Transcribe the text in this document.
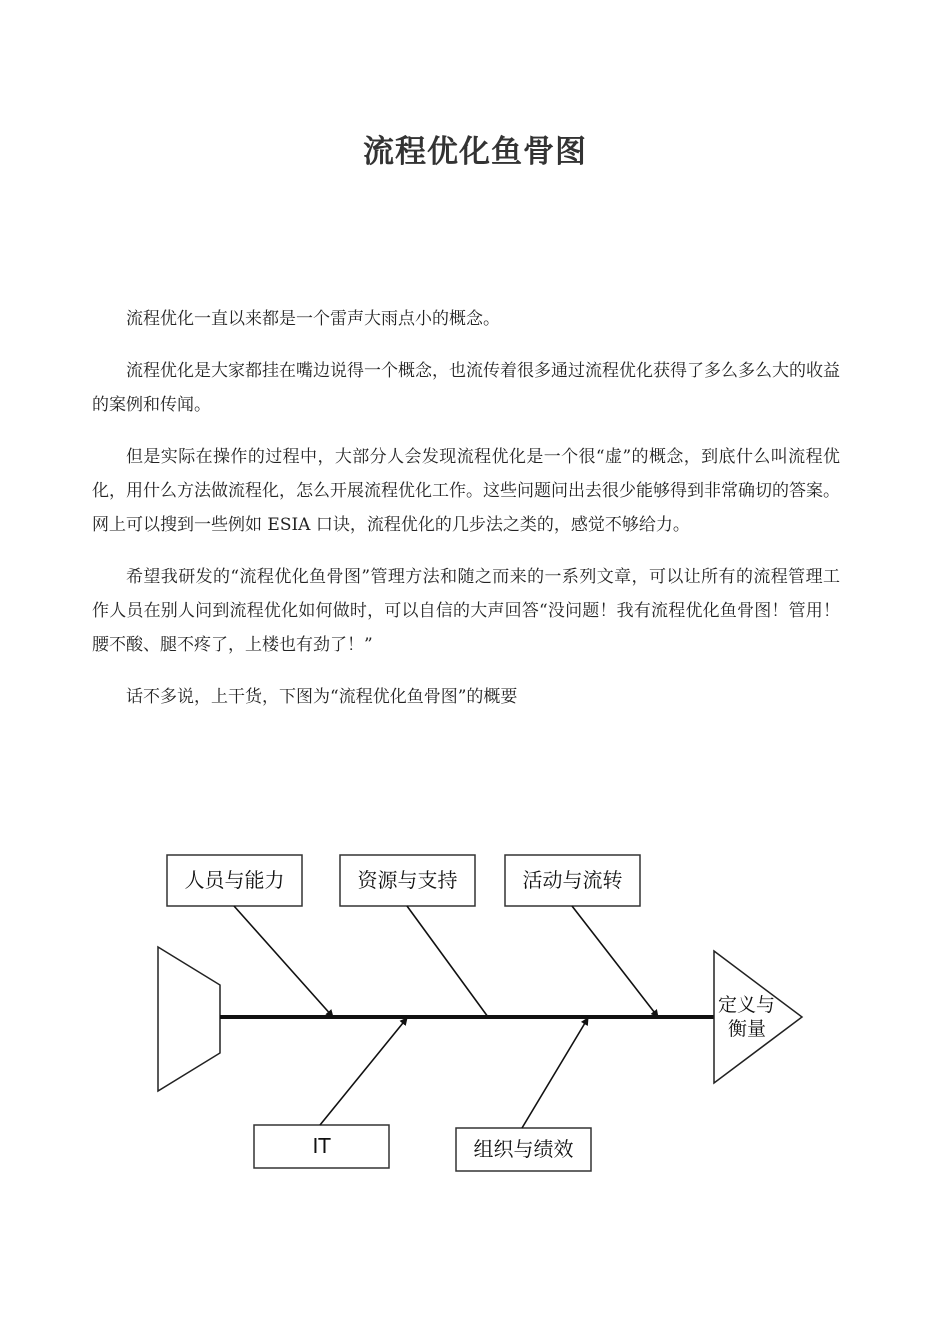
流程优化鱼骨图

流程优化一直以来都是一个雷声大雨点小的概念。

流程优化是大家都挂在嘴边说得一个概念，也流传着很多通过流程优化获得了多么多么大的收益的案例和传闻。

但是实际在操作的过程中，大部分人会发现流程优化是一个很“虚”的概念，到底什么叫流程优化，用什么方法做流程化，怎么开展流程优化工作。这些问题问出去很少能够得到非常确切的答案。网上可以搜到一些例如 ESIA 口诀，流程优化的几步法之类的，感觉不够给力。

希望我研发的“流程优化鱼骨图”管理方法和随之而来的一系列文章，可以让所有的流程管理工作人员在别人问到流程优化如何做时，可以自信的大声回答“没问题！我有流程优化鱼骨图！管用！腰不酸、腿不疼了，上楼也有劲了！”

话不多说，上干货，下图为“流程优化鱼骨图”的概要

定义与
衡量
人员与能力	资源与支持	活动与流转
IT	组织与绩效
